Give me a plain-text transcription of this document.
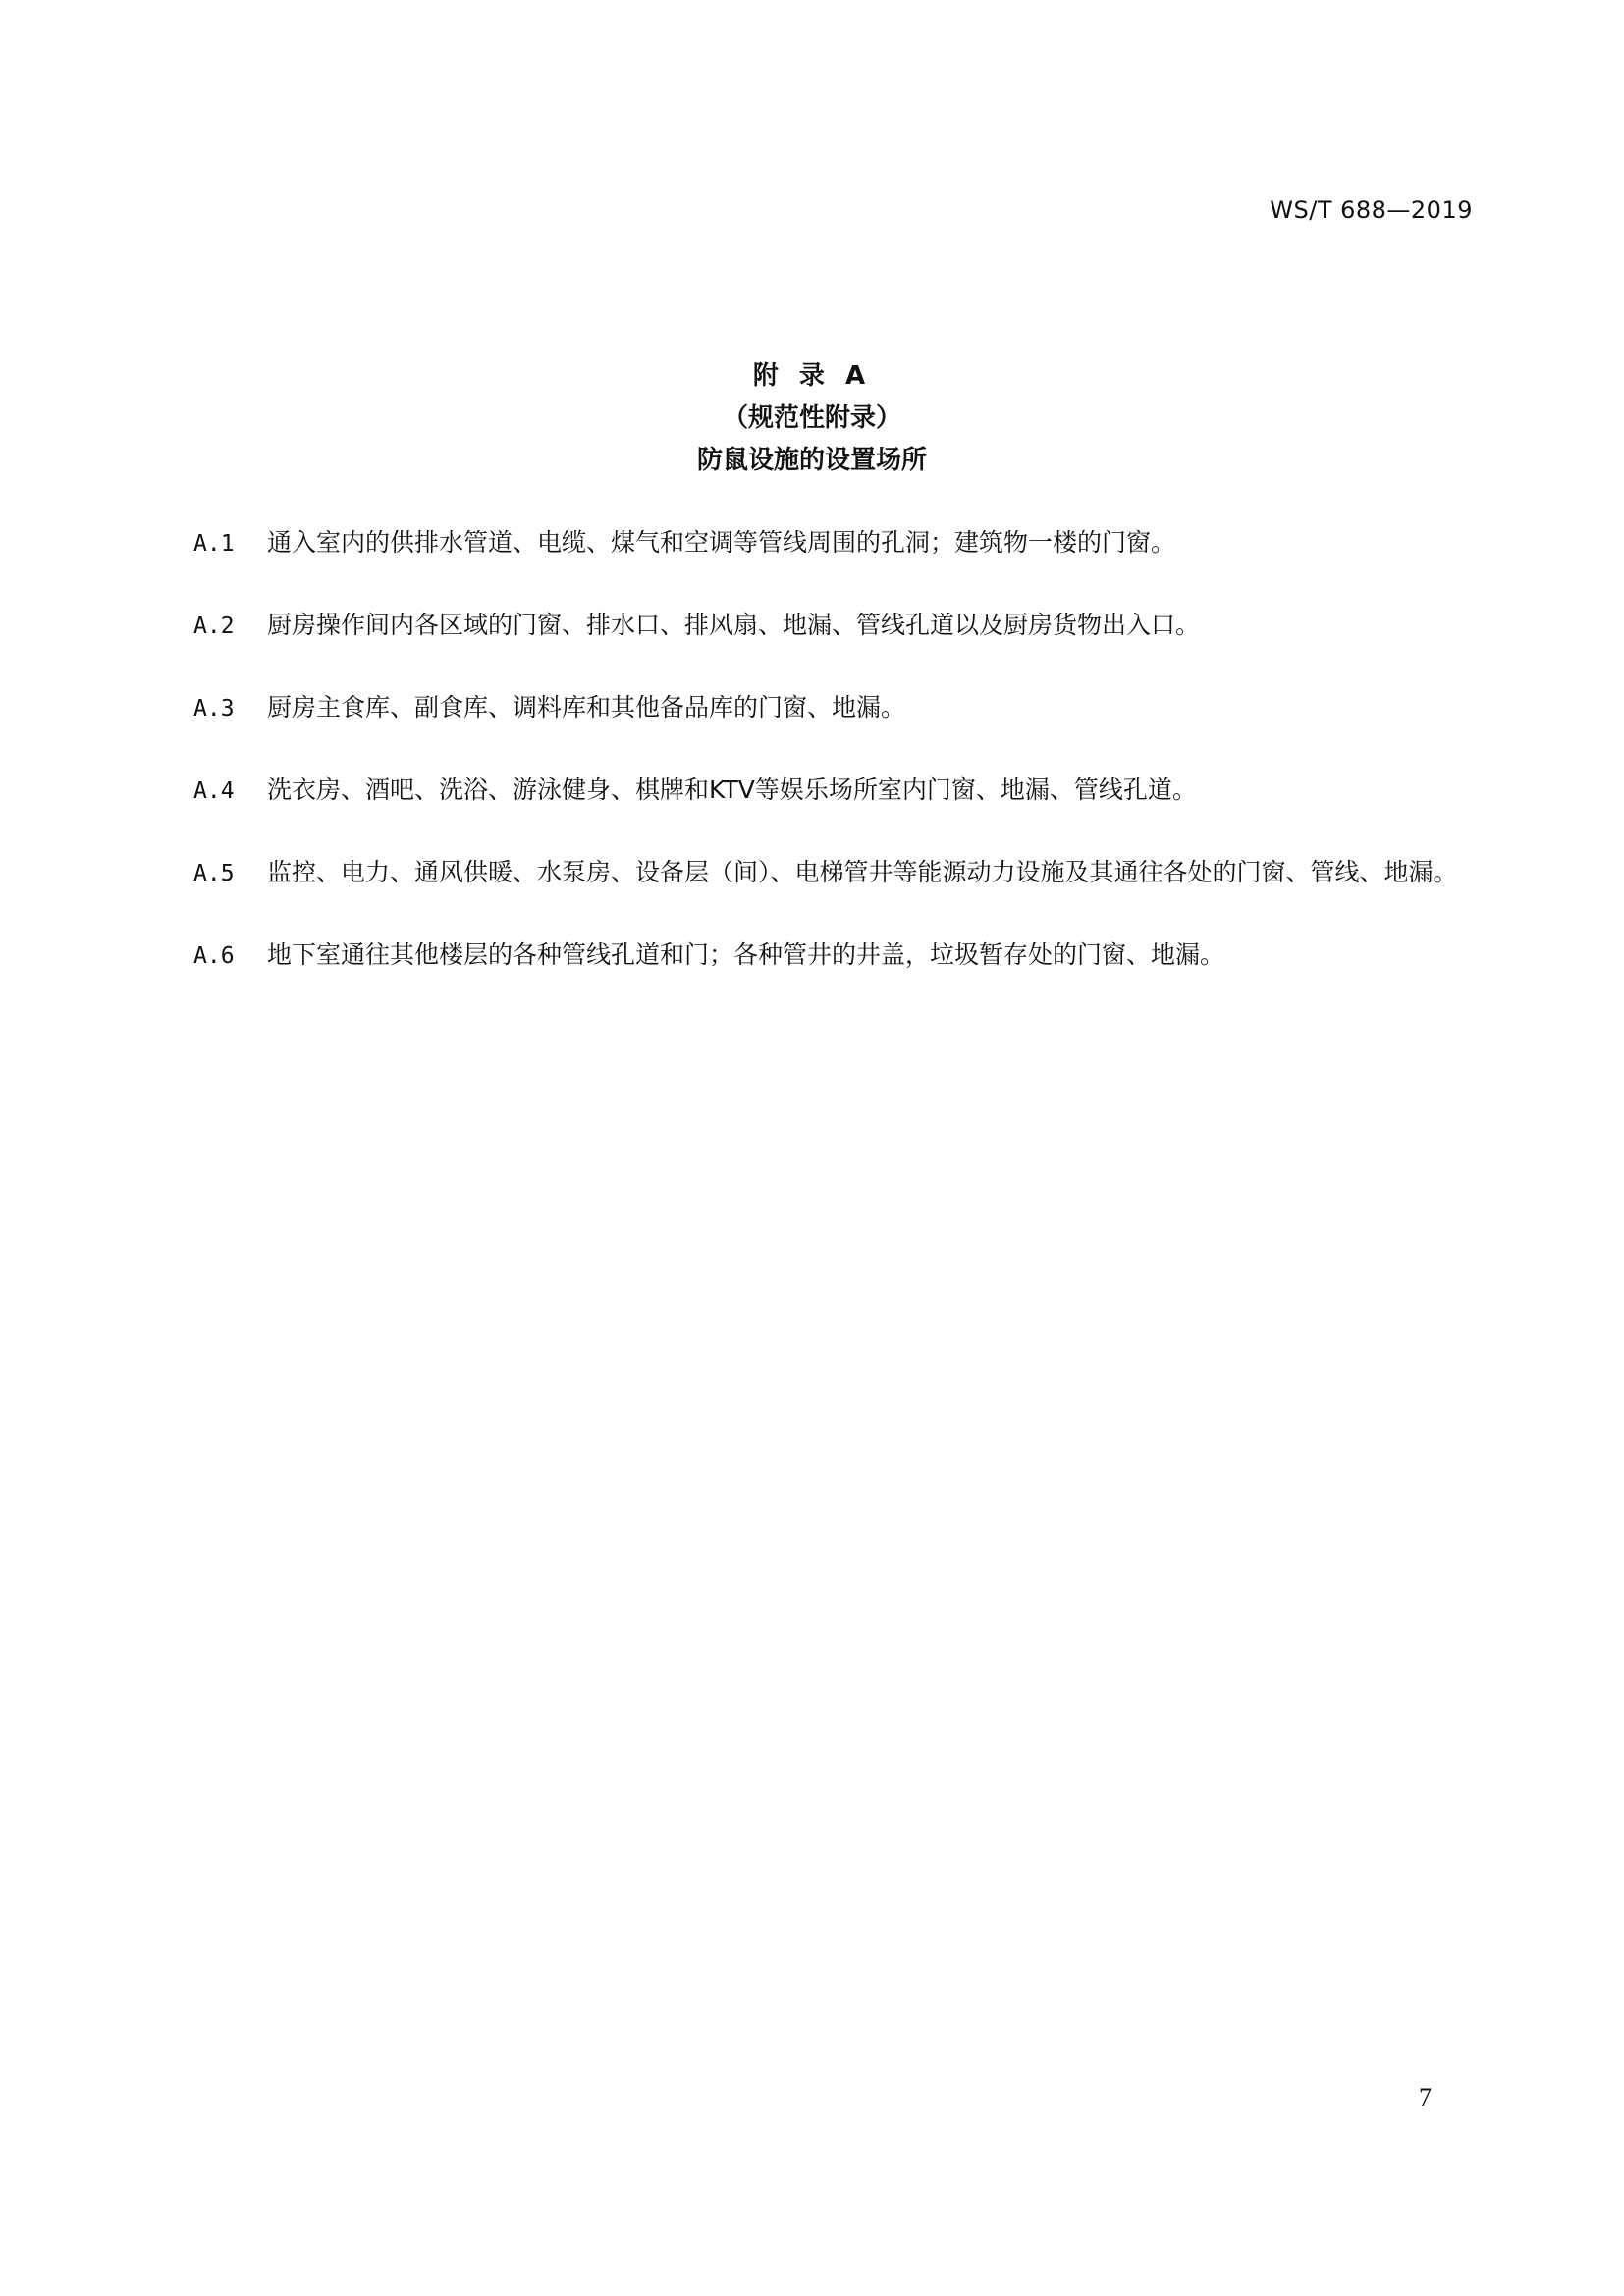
WS/T 688—2019
附 录 A
（规范性附录）
防鼠设施的设置场所
A.1 通入室内的供排水管道、电缆、煤气和空调等管线周围的孔洞；建筑物一楼的门窗。
A.2 厨房操作间内各区域的门窗、排水口、排风扇、地漏、管线孔道以及厨房货物出入口。
A.3 厨房主食库、副食库、调料库和其他备品库的门窗、地漏。
A.4 洗衣房、酒吧、洗浴、游泳健身、棋牌和KTV等娱乐场所室内门窗、地漏、管线孔道。
A.5 监控、电力、通风供暖、水泵房、设备层（间）、电梯管井等能源动力设施及其通往各处的门窗、管线、地漏。
A.6 地下室通往其他楼层的各种管线孔道和门；各种管井的井盖，垃圾暂存处的门窗、地漏。
7
